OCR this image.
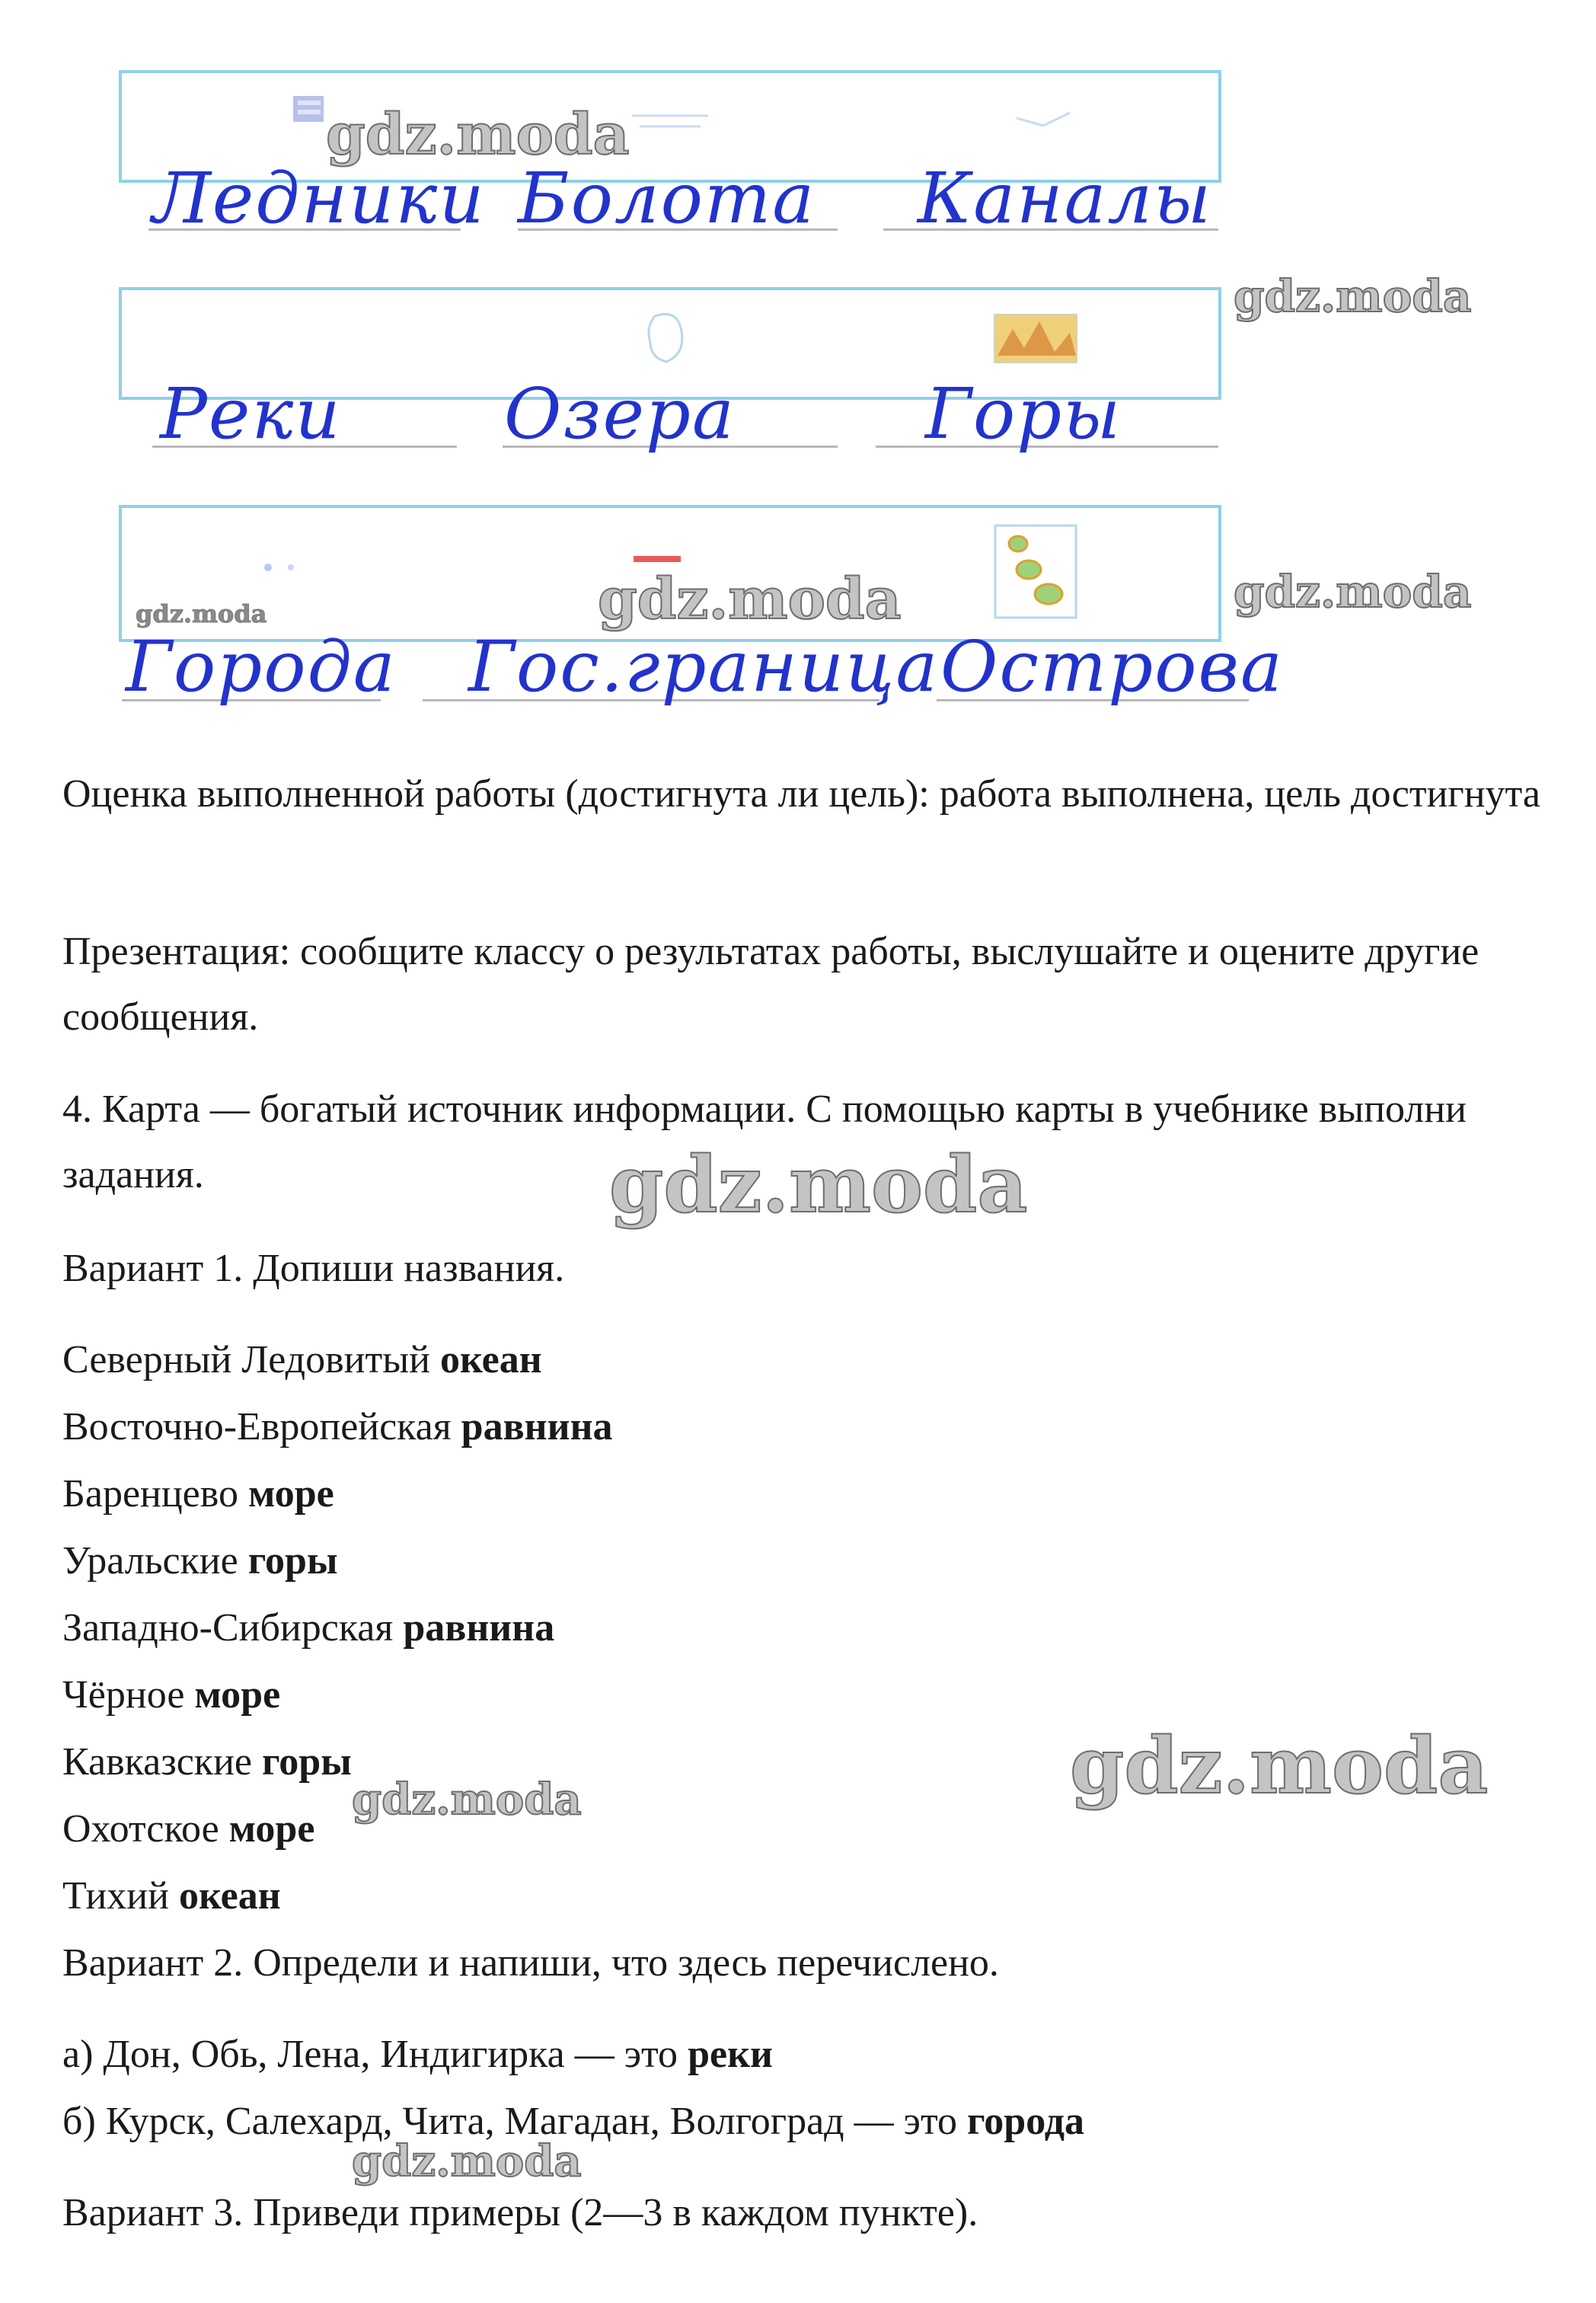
Ледники Болота Каналы
Реки Озера	Горы
Города Гос.граница Острова
gdz.moda
gdz.moda
gdz.moda	gdz.moda	gdz.moda
gdz.moda
gdz.moda
gdz.moda
gdz.moda

Оценка выполненной работы (достигнута ли цель): работа выполнена, цель достигнута

Презентация: сообщите классу о результатах работы, выслушайте и оцените другие сообщения.

4. Карта — богатый источник информации. С помощью карты в учебнике выполни задания.

Вариант 1. Допиши названия.
Северный Ледовитый океан
Восточно-Европейская равнина
Баренцево море
Уральские горы
Западно-Сибирская равнина
Чёрное море
Кавказские горы
Охотское море
Тихий океан
Вариант 2. Определи и напиши, что здесь перечислено.
а) Дон, Обь, Лена, Индигирка — это реки
б) Курск, Салехард, Чита, Магадан, Волгоград — это города
Вариант 3. Приведи примеры (2—3 в каждом пункте).
